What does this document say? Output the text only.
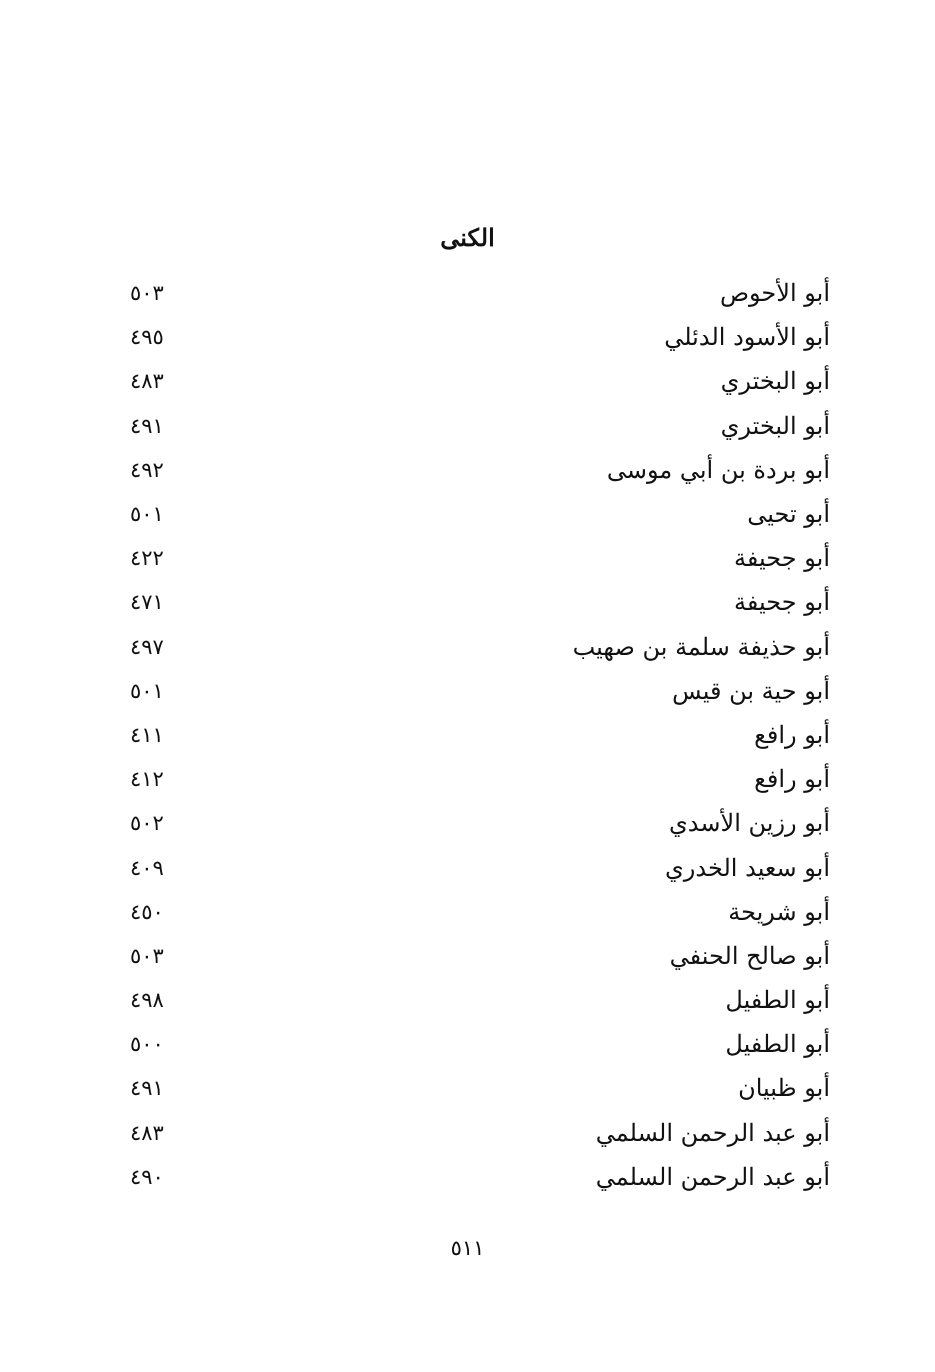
الكنى
٥٠٣	أبو الأحوص
٤٩٥	أبو الأسود الدئلي
٤٨٣	أبو البختري
٤٩١	أبو البختري
٤٩٢	أبو بردة بن أبي موسى
٥٠١	أبو تحيى
٤٢٢	أبو جحيفة
٤٧١	أبو جحيفة
٤٩٧	أبو حذيفة سلمة بن صهيب
٥٠١	أبو حية بن قيس
٤١١	أبو رافع
٤١٢	أبو رافع
٥٠٢	أبو رزين الأسدي
٤٠٩	أبو سعيد الخدري
٤٥٠	أبو شريحة
٥٠٣	أبو صالح الحنفي
٤٩٨	أبو الطفيل
٥٠٠	أبو الطفيل
٤٩١	أبو ظبيان
٤٨٣	أبو عبد الرحمن السلمي
٤٩٠	أبو عبد الرحمن السلمي
٥١١
